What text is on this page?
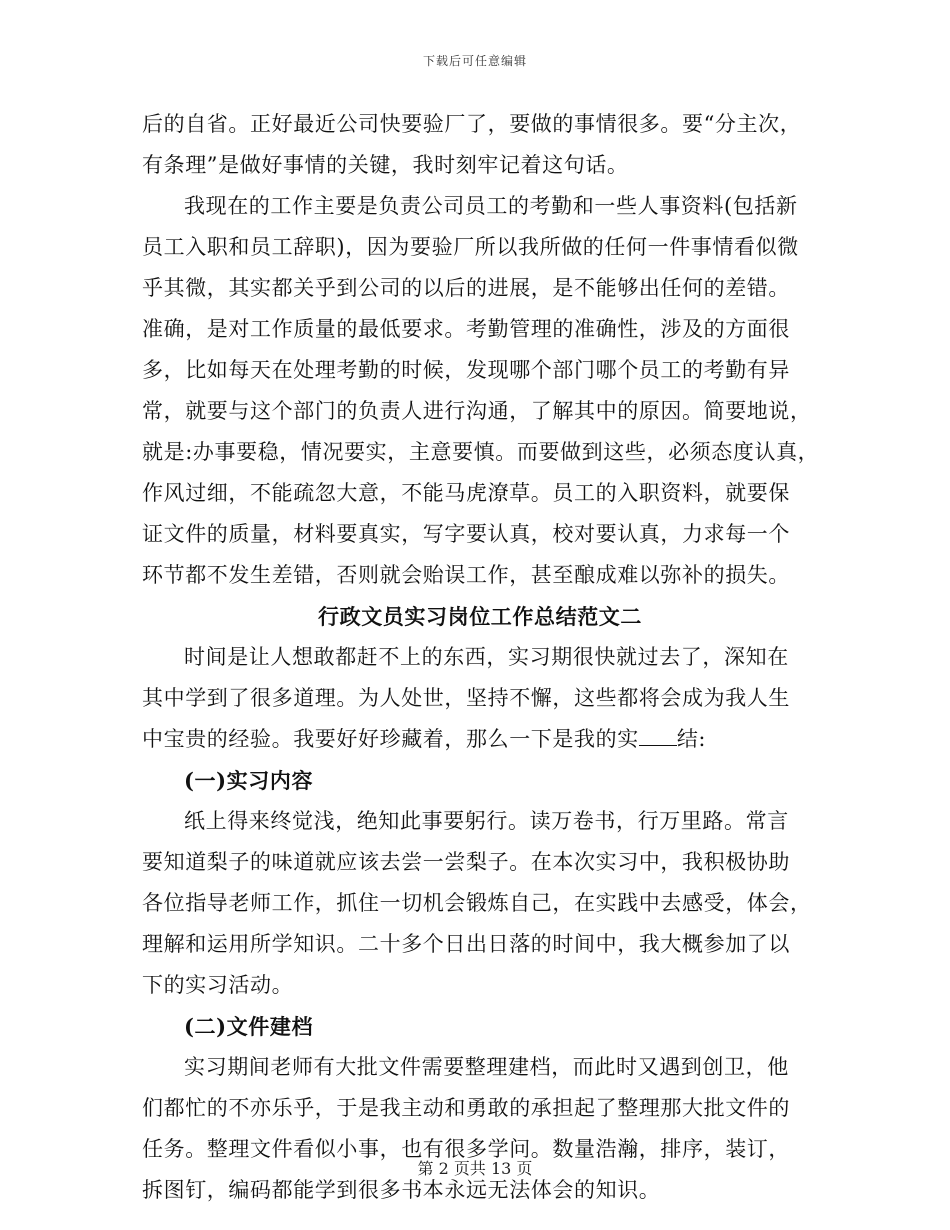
下载后可任意编辑
后的自省。正好最近公司快要验厂了，要做的事情很多。要“分主次，
有条理”是做好事情的关键，我时刻牢记着这句话。
我现在的工作主要是负责公司员工的考勤和一些人事资料(包括新
员工入职和员工辞职)，因为要验厂所以我所做的任何一件事情看似微
乎其微，其实都关乎到公司的以后的进展，是不能够出任何的差错。
准确，是对工作质量的最低要求。考勤管理的准确性，涉及的方面很
多，比如每天在处理考勤的时候，发现哪个部门哪个员工的考勤有异
常，就要与这个部门的负责人进行沟通，了解其中的原因。简要地说，
就是:办事要稳，情况要实，主意要慎。而要做到这些，必须态度认真，
作风过细，不能疏忽大意，不能马虎潦草。员工的入职资料，就要保
证文件的质量，材料要真实，写字要认真，校对要认真，力求每一个
环节都不发生差错，否则就会贻误工作，甚至酿成难以弥补的损失。
行政文员实习岗位工作总结范文二
时间是让人想敢都赶不上的东西，实习期很快就过去了，深知在
其中学到了很多道理。为人处世，坚持不懈，这些都将会成为我人生
中宝贵的经验。我要好好珍藏着，那么一下是我的实 结:
(一)实习内容
纸上得来终觉浅，绝知此事要躬行。读万卷书，行万里路。常言
要知道梨子的味道就应该去尝一尝梨子。在本次实习中，我积极协助
各位指导老师工作，抓住一切机会锻炼自己，在实践中去感受，体会，
理解和运用所学知识。二十多个日出日落的时间中，我大概参加了以
下的实习活动。
(二)文件建档
实习期间老师有大批文件需要整理建档，而此时又遇到创卫，他
们都忙的不亦乐乎，于是我主动和勇敢的承担起了整理那大批文件的
任务。整理文件看似小事，也有很多学问。数量浩瀚，排序，装订，
拆图钉，编码都能学到很多书本永远无法体会的知识。
第 2 页共 13 页
